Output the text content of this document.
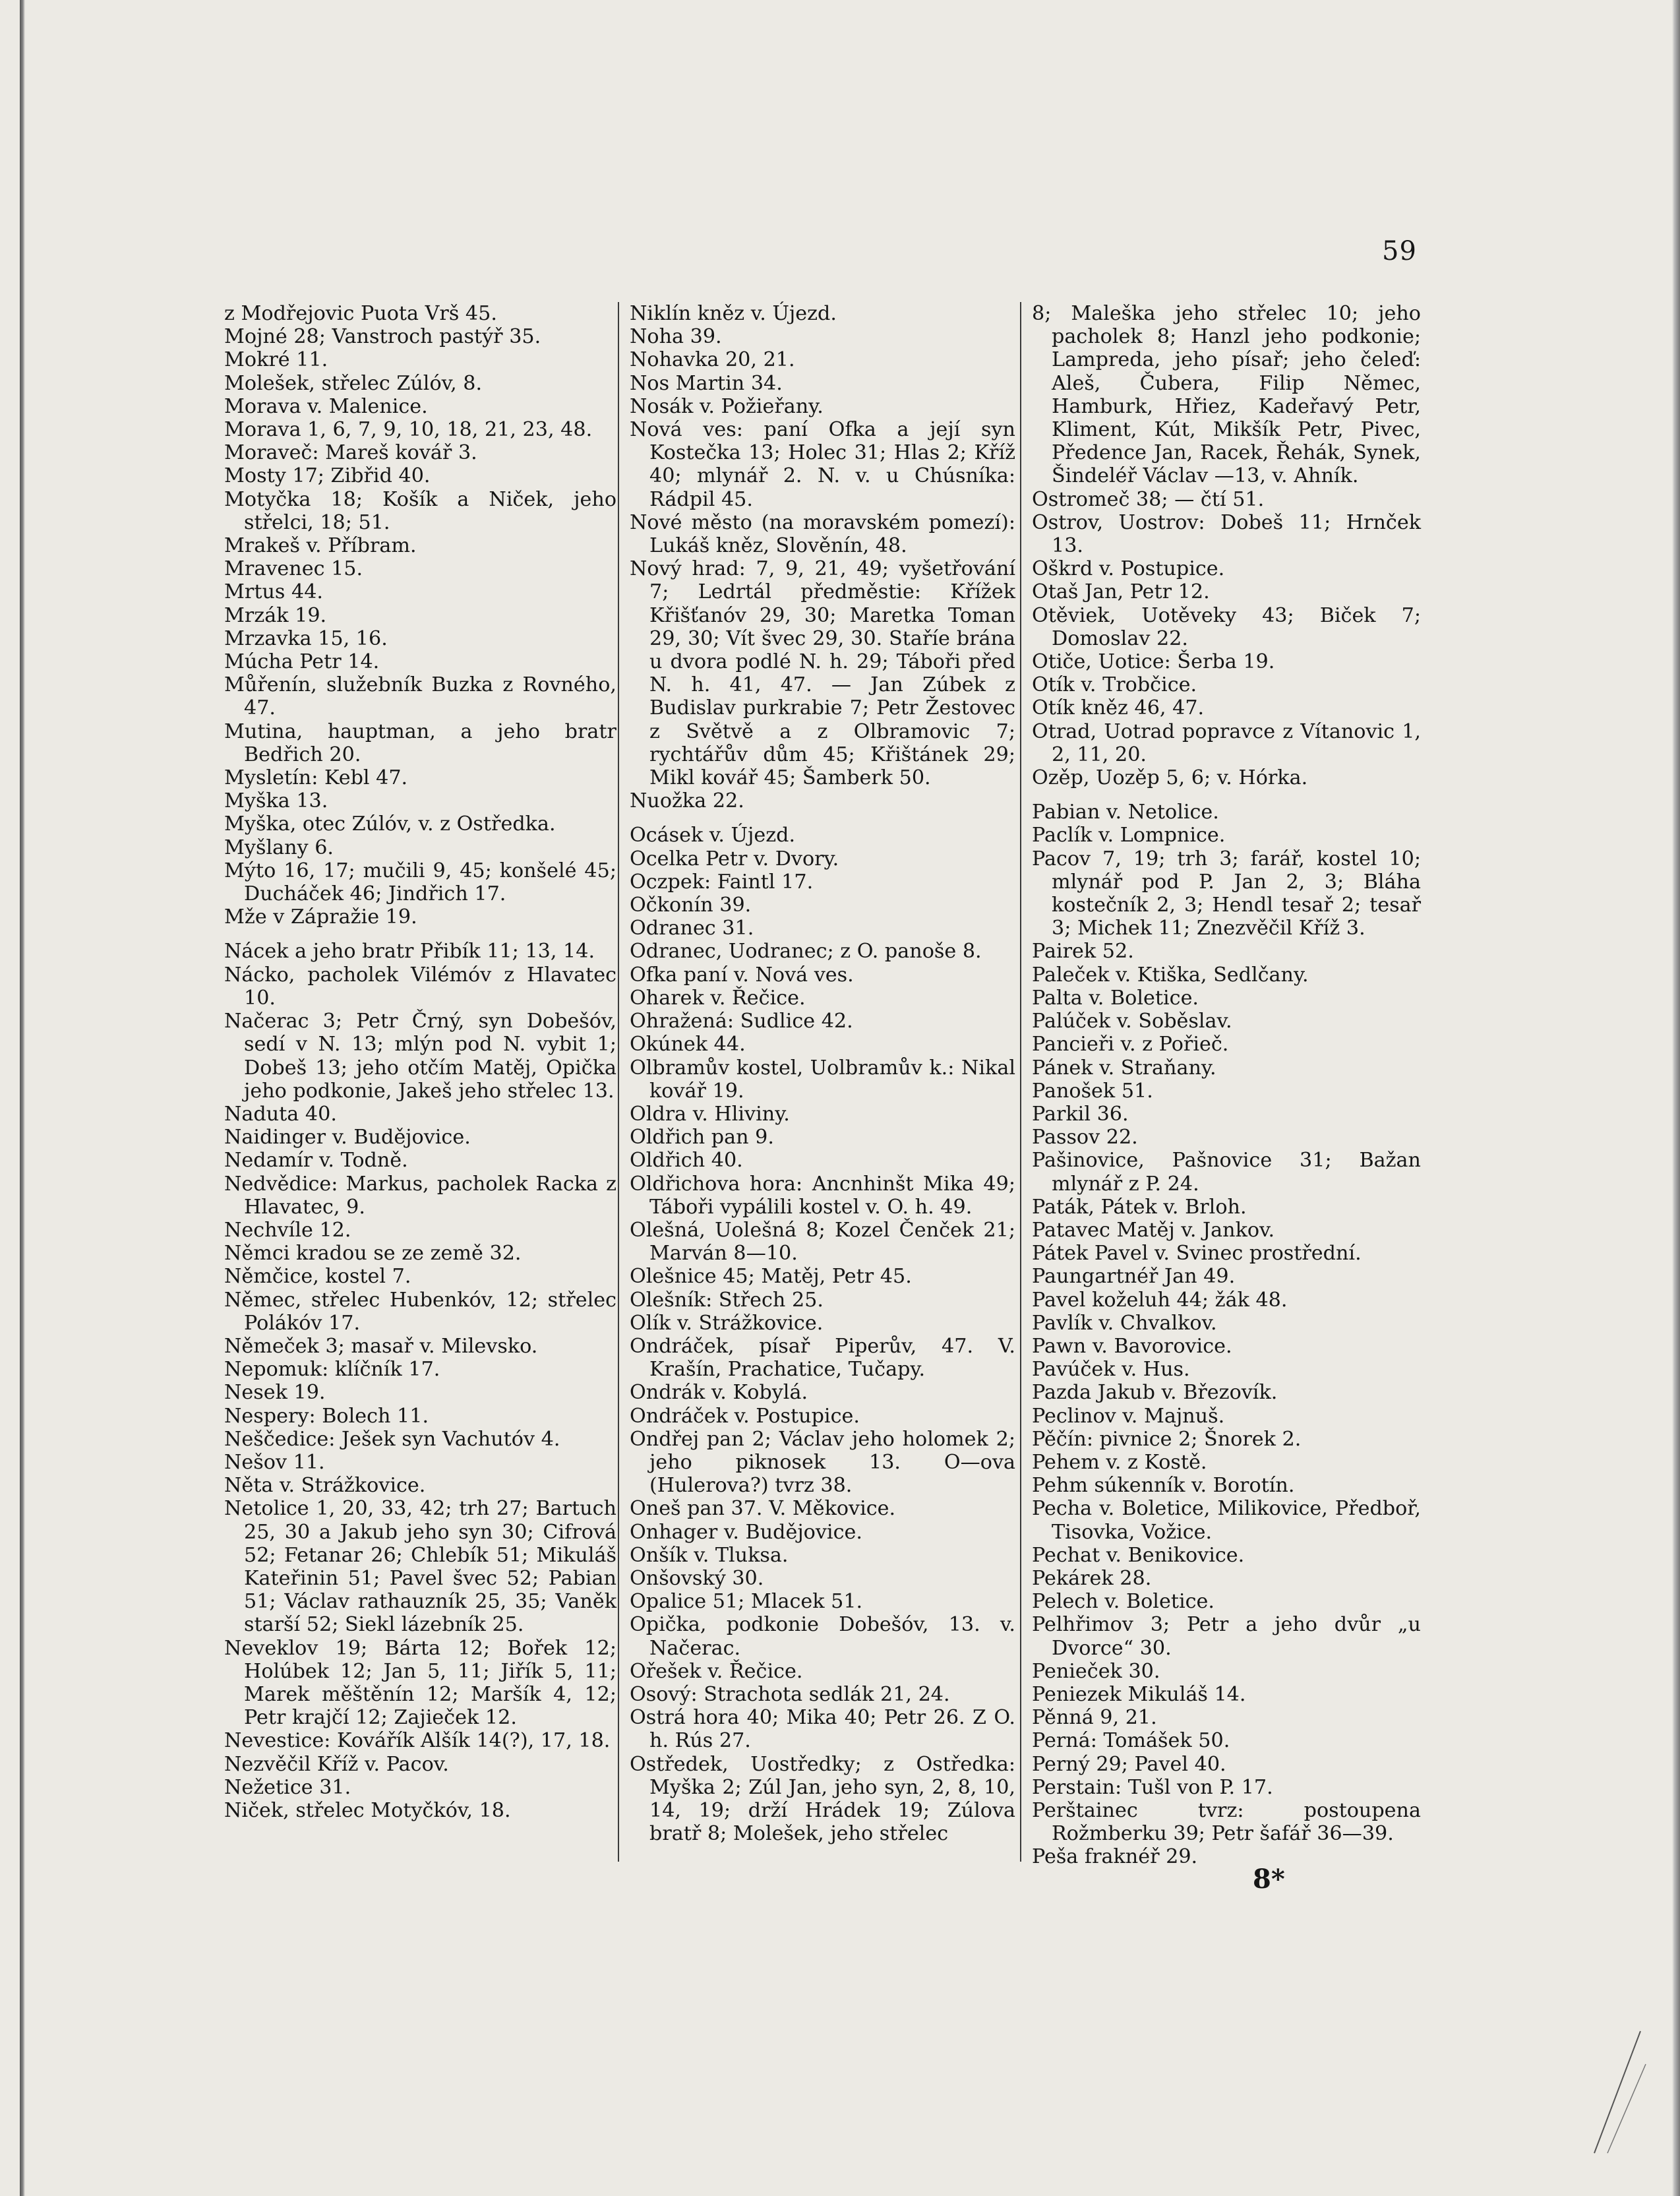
59

z Modřejovic Puota Vrš 45.

Mojné 28; Vanstroch pastýř 35.

Mokré 11.

Molešek, střelec Zúlóv, 8.

Morava v. Malenice.

Morava 1, 6, 7, 9, 10, 18, 21, 23, 48.

Moraveč: Mareš kovář 3.

Mosty 17; Zibřid 40.

Motyčka 18; Košík a Niček, jeho střelci, 18; 51.

Mrakeš v. Příbram.

Mravenec 15.

Mrtus 44.

Mrzák 19.

Mrzavka 15, 16.

Múcha Petr 14.

Můřenín, služebník Buzka z Rovného, 47.

Mutina, hauptman, a jeho bratr Bedřich 20.

Mysletín: Kebl 47.

Myška 13.

Myška, otec Zúlóv, v. z Ostředka.

Myšlany 6.

Mýto 16, 17; mučili 9, 45; konšelé 45; Ducháček 46; Jindřich 17.

Mže v Zápražie 19.

Nácek a jeho bratr Přibík 11; 13, 14.

Nácko, pacholek Vilémóv z Hlavatec 10.

Načerac 3; Petr Črný, syn Dobešóv, sedí v N. 13; mlýn pod N. vybit 1; Dobeš 13; jeho otčím Matěj, Opička jeho podkonie, Jakeš jeho střelec 13.

Naduta 40.

Naidinger v. Budějovice.

Nedamír v. Todně.

Nedvědice: Markus, pacholek Racka z Hlavatec, 9.

Nechvíle 12.

Němci kradou se ze země 32.

Němčice, kostel 7.

Němec, střelec Hubenkóv, 12; střelec Polákóv 17.

Němeček 3; masař v. Milevsko.

Nepomuk: klíčník 17.

Nesek 19.

Nespery: Bolech 11.

Neščedice: Ješek syn Vachutóv 4.

Nešov 11.

Něta v. Strážkovice.

Netolice 1, 20, 33, 42; trh 27; Bartuch 25, 30 a Jakub jeho syn 30; Cifrová 52; Fetanar 26; Chlebík 51; Mikuláš Kateřinin 51; Pavel švec 52; Pabian 51; Václav rathauzník 25, 35; Vaněk starší 52; Siekl lázebník 25.

Neveklov 19; Bárta 12; Bořek 12; Holúbek 12; Jan 5, 11; Jiřík 5, 11; Marek měštěnín 12; Maršík 4, 12; Petr krajčí 12; Zajieček 12.

Nevestice: Kovářík Alšík 14(?), 17, 18.

Nezvěčil Kříž v. Pacov.

Nežetice 31.

Niček, střelec Motyčkóv, 18.

Niklín kněz v. Újezd.

Noha 39.

Nohavka 20, 21.

Nos Martin 34.

Nosák v. Požieřany.

Nová ves: paní Ofka a její syn Kostečka 13; Holec 31; Hlas 2; Kříž 40; mlynář 2. N. v. u Chúsníka: Rádpil 45.

Nové město (na moravském pomezí): Lukáš kněz, Slověnín, 48.

Nový hrad: 7, 9, 21, 49; vyšetřování 7; Ledrtál předměstie: Křížek Křišťanóv 29, 30; Maretka Toman 29, 30; Vít švec 29, 30. Staříe brána u dvora podlé N. h. 29; Táboři před N. h. 41, 47. — Jan Zúbek z Budislav purkrabie 7; Petr Žestovec z Světvě a z Olbramovic 7; rychtářův dům 45; Křištánek 29; Mikl kovář 45; Šamberk 50.

Nuožka 22.

Ocásek v. Újezd.

Ocelka Petr v. Dvory.

Oczpek: Faintl 17.

Očkonín 39.

Odranec 31.

Odranec, Uodranec; z O. panoše 8.

Ofka paní v. Nová ves.

Oharek v. Řečice.

Ohražená: Sudlice 42.

Okúnek 44.

Olbramův kostel, Uolbramův k.: Nikal kovář 19.

Oldra v. Hliviny.

Oldřich pan 9.

Oldřich 40.

Oldřichova hora: Ancnhinšt Mika 49; Táboři vypálili kostel v. O. h. 49.

Olešná, Uolešná 8; Kozel Čenček 21; Marván 8—10.

Olešnice 45; Matěj, Petr 45.

Olešník: Střech 25.

Olík v. Strážkovice.

Ondráček, písař Piperův, 47. V. Krašín, Prachatice, Tučapy.

Ondrák v. Kobylá.

Ondráček v. Postupice.

Ondřej pan 2; Václav jeho holomek 2; jeho piknosek 13. O—ova (Hulerova?) tvrz 38.

Oneš pan 37. V. Měkovice.

Onhager v. Budějovice.

Onšík v. Tluksa.

Onšovský 30.

Opalice 51; Mlacek 51.

Opička, podkonie Dobešóv, 13. v. Načerac.

Ořešek v. Řečice.

Osový: Strachota sedlák 21, 24.

Ostrá hora 40; Mika 40; Petr 26. Z O. h. Rús 27.

Ostředek, Uostředky; z Ostředka: Myška 2; Zúl Jan, jeho syn, 2, 8, 10, 14, 19; drží Hrádek 19; Zúlova bratř 8; Molešek, jeho střelec

8; Maleška jeho střelec 10; jeho pacholek 8; Hanzl jeho podkonie; Lampreda, jeho písař; jeho čeleď: Aleš, Čubera, Filip Němec, Hamburk, Hřiez, Kadeřavý Petr, Kliment, Kút, Mikšík Petr, Pivec, Předence Jan, Racek, Řehák, Synek, Šindeléř Václav —13, v. Ahník.

Ostromeč 38; — čtí 51.

Ostrov, Uostrov: Dobeš 11; Hrnček 13.

Oškrd v. Postupice.

Otaš Jan, Petr 12.

Otěviek, Uotěveky 43; Biček 7; Domoslav 22.

Otiče, Uotice: Šerba 19.

Otík v. Trobčice.

Otík kněz 46, 47.

Otrad, Uotrad popravce z Vítanovic 1, 2, 11, 20.

Ozěp, Uozěp 5, 6; v. Hórka.

Pabian v. Netolice.

Paclík v. Lompnice.

Pacov 7, 19; trh 3; farář, kostel 10; mlynář pod P. Jan 2, 3; Bláha kostečník 2, 3; Hendl tesař 2; tesař 3; Michek 11; Znezvěčil Kříž 3.

Pairek 52.

Paleček v. Ktiška, Sedlčany.

Palta v. Boletice.

Palúček v. Soběslav.

Pancieři v. z Pořieč.

Pánek v. Straňany.

Panošek 51.

Parkil 36.

Passov 22.

Pašinovice, Pašnovice 31; Bažan mlynář z P. 24.

Paták, Pátek v. Brloh.

Patavec Matěj v. Jankov.

Pátek Pavel v. Svinec prostřední.

Paungartnéř Jan 49.

Pavel koželuh 44; žák 48.

Pavlík v. Chvalkov.

Pawn v. Bavorovice.

Pavúček v. Hus.

Pazda Jakub v. Březovík.

Peclinov v. Majnuš.

Pěčín: pivnice 2; Šnorek 2.

Pehem v. z Kostě.

Pehm súkenník v. Borotín.

Pecha v. Boletice, Milikovice, Předboř, Tisovka, Vožice.

Pechat v. Benikovice.

Pekárek 28.

Pelech v. Boletice.

Pelhřimov 3; Petr a jeho dvůr „u Dvorce“ 30.

Penieček 30.

Peniezek Mikuláš 14.

Pěnná 9, 21.

Perná: Tomášek 50.

Perný 29; Pavel 40.

Perstain: Tušl von P. 17.

Perštainec tvrz: postoupena Rožmberku 39; Petr šafář 36—39.

Peša fraknéř 29.

8*
